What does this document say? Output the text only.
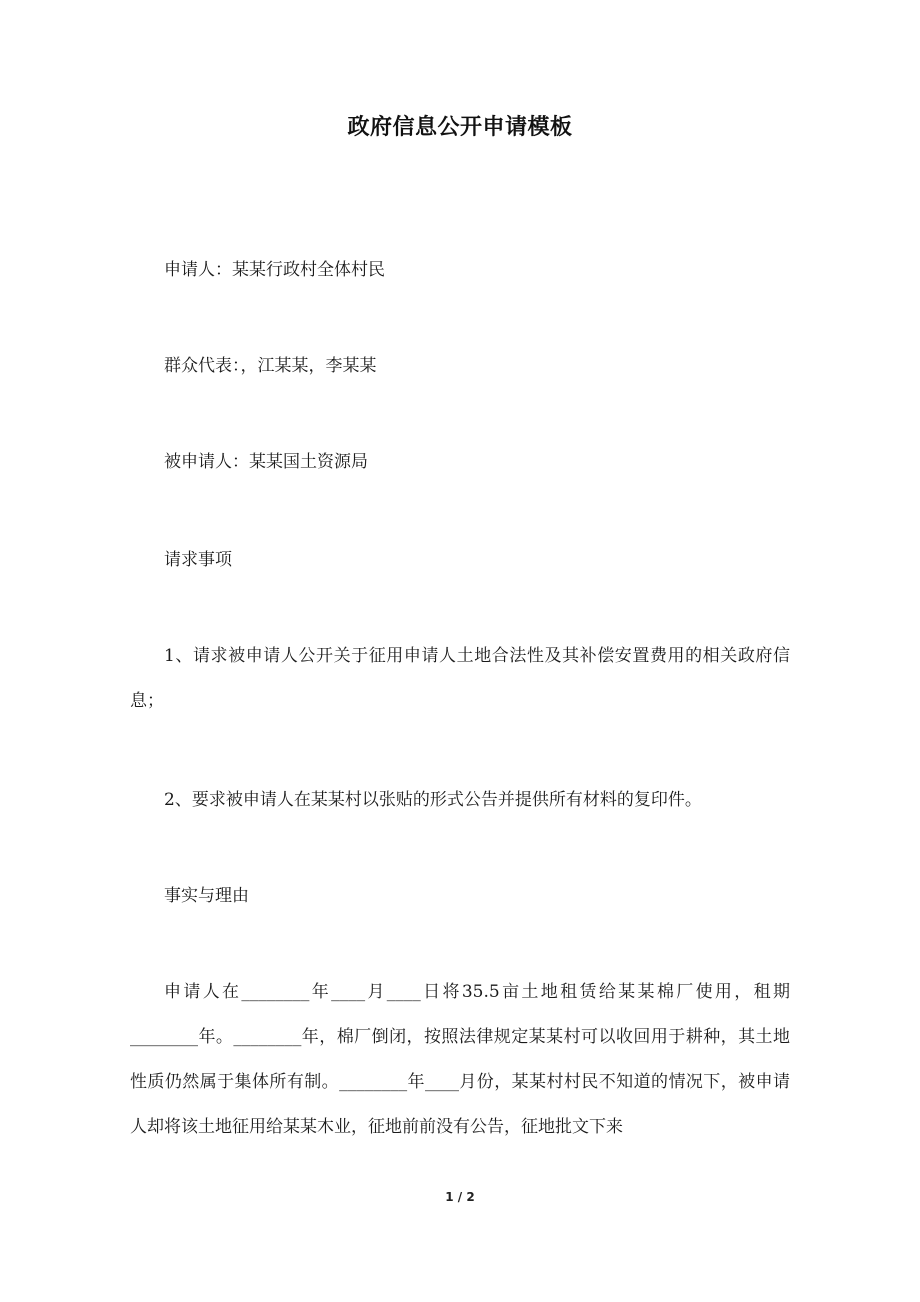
政府信息公开申请模板

申请人：某某行政村全体村民

群众代表：，江某某，李某某

被申请人：某某国土资源局

请求事项

1、请求被申请人公开关于征用申请人土地合法性及其补偿安置费用的相关政府信息；

2、要求被申请人在某某村以张贴的形式公告并提供所有材料的复印件。

事实与理由

申请人在________年____月____日将35.5亩土地租赁给某某棉厂使用，租期________年。________年，棉厂倒闭，按照法律规定某某村可以收回用于耕种，其土地性质仍然属于集体所有制。________年____月份，某某村村民不知道的情况下，被申请人却将该土地征用给某某木业，征地前前没有公告，征地批文下来

1 / 2
